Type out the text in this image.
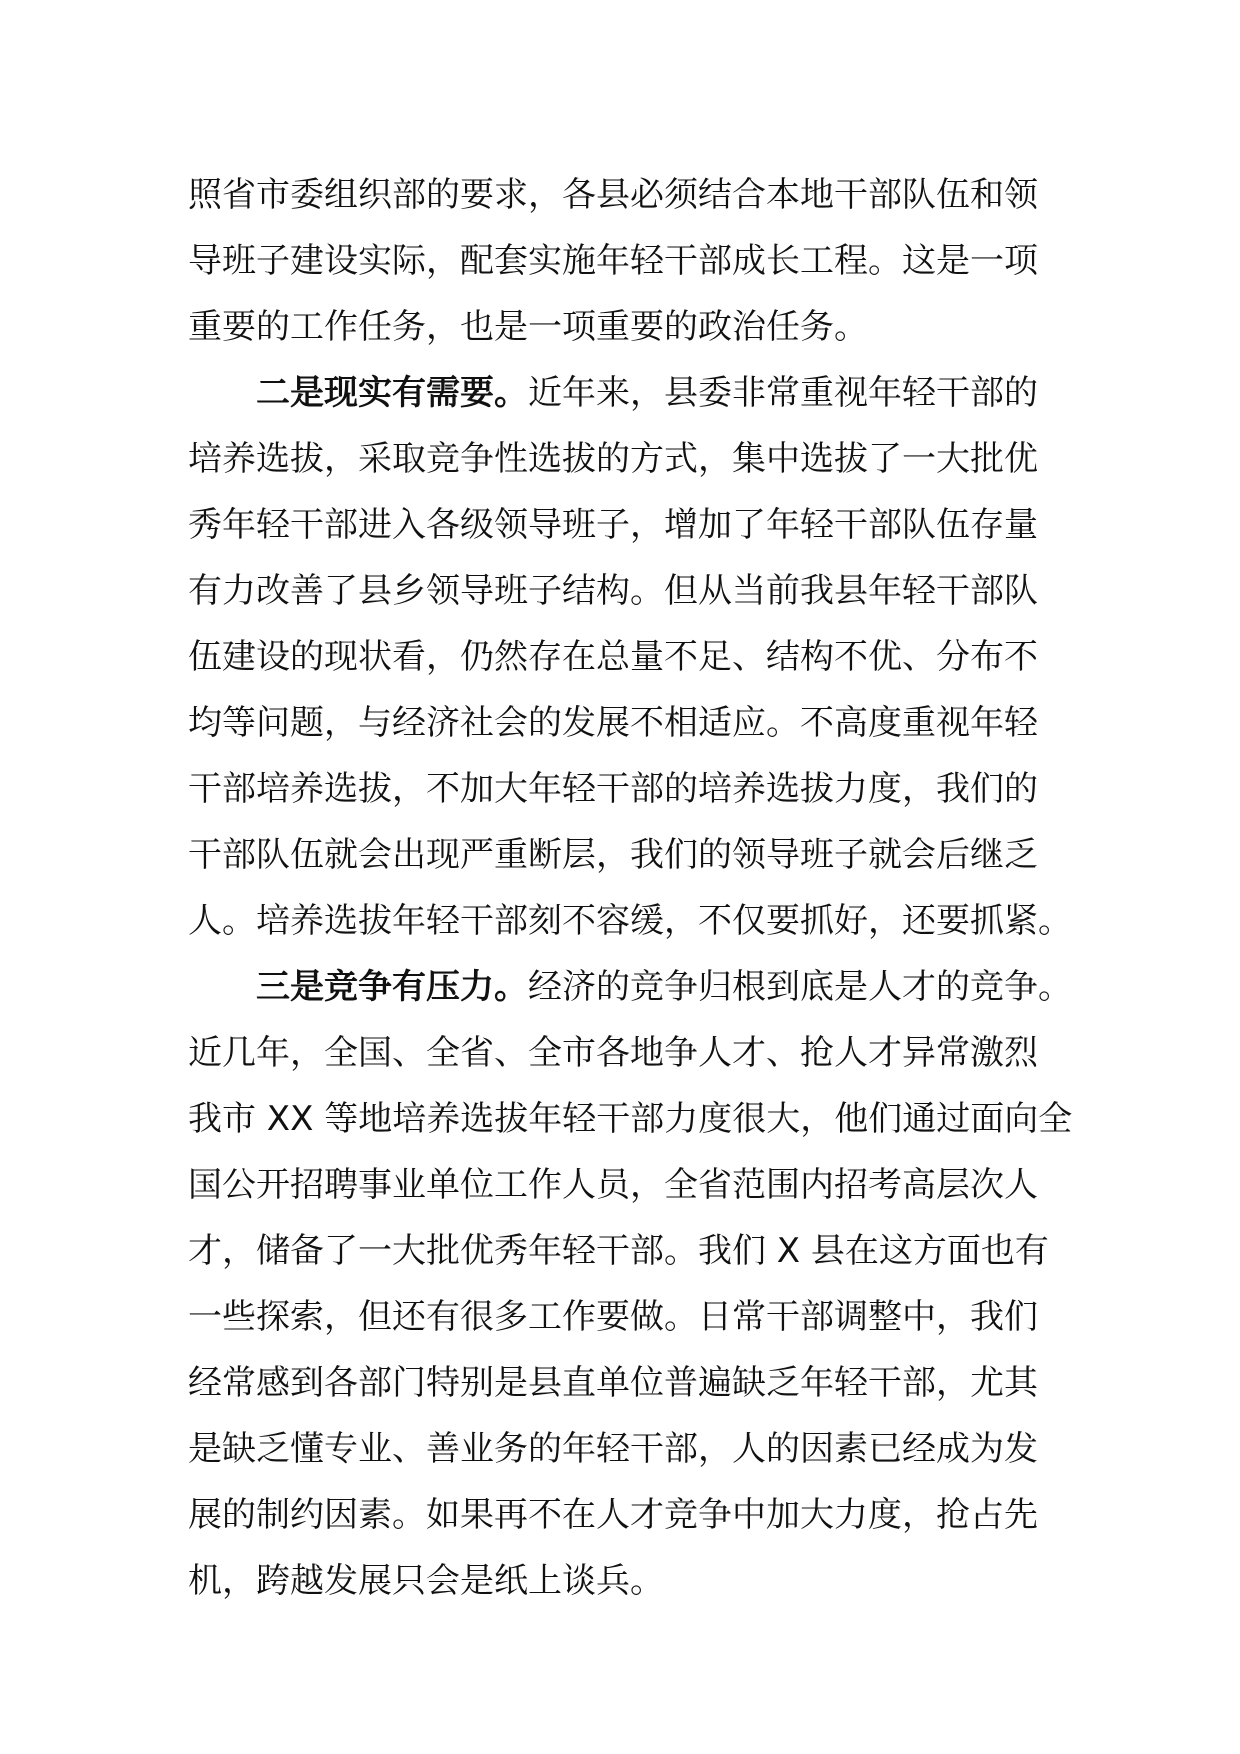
照省市委组织部的要求，各县必须结合本地干部队伍和领
导班子建设实际，配套实施年轻干部成长工程。这是一项
重要的工作任务，也是一项重要的政治任务。
二是现实有需要。近年来，县委非常重视年轻干部的
培养选拔，采取竞争性选拔的方式，集中选拔了一大批优
秀年轻干部进入各级领导班子，增加了年轻干部队伍存量
有力改善了县乡领导班子结构。但从当前我县年轻干部队
伍建设的现状看，仍然存在总量不足、结构不优、分布不
均等问题，与经济社会的发展不相适应。不高度重视年轻
干部培养选拔，不加大年轻干部的培养选拔力度，我们的
干部队伍就会出现严重断层，我们的领导班子就会后继乏
人。培养选拔年轻干部刻不容缓，不仅要抓好，还要抓紧。
三是竞争有压力。经济的竞争归根到底是人才的竞争。
近几年，全国、全省、全市各地争人才、抢人才异常激烈
我市 XX 等地培养选拔年轻干部力度很大，他们通过面向全
国公开招聘事业单位工作人员，全省范围内招考高层次人
才，储备了一大批优秀年轻干部。我们 X 县在这方面也有
一些探索，但还有很多工作要做。日常干部调整中，我们
经常感到各部门特别是县直单位普遍缺乏年轻干部，尤其
是缺乏懂专业、善业务的年轻干部，人的因素已经成为发
展的制约因素。如果再不在人才竞争中加大力度，抢占先
机，跨越发展只会是纸上谈兵。
